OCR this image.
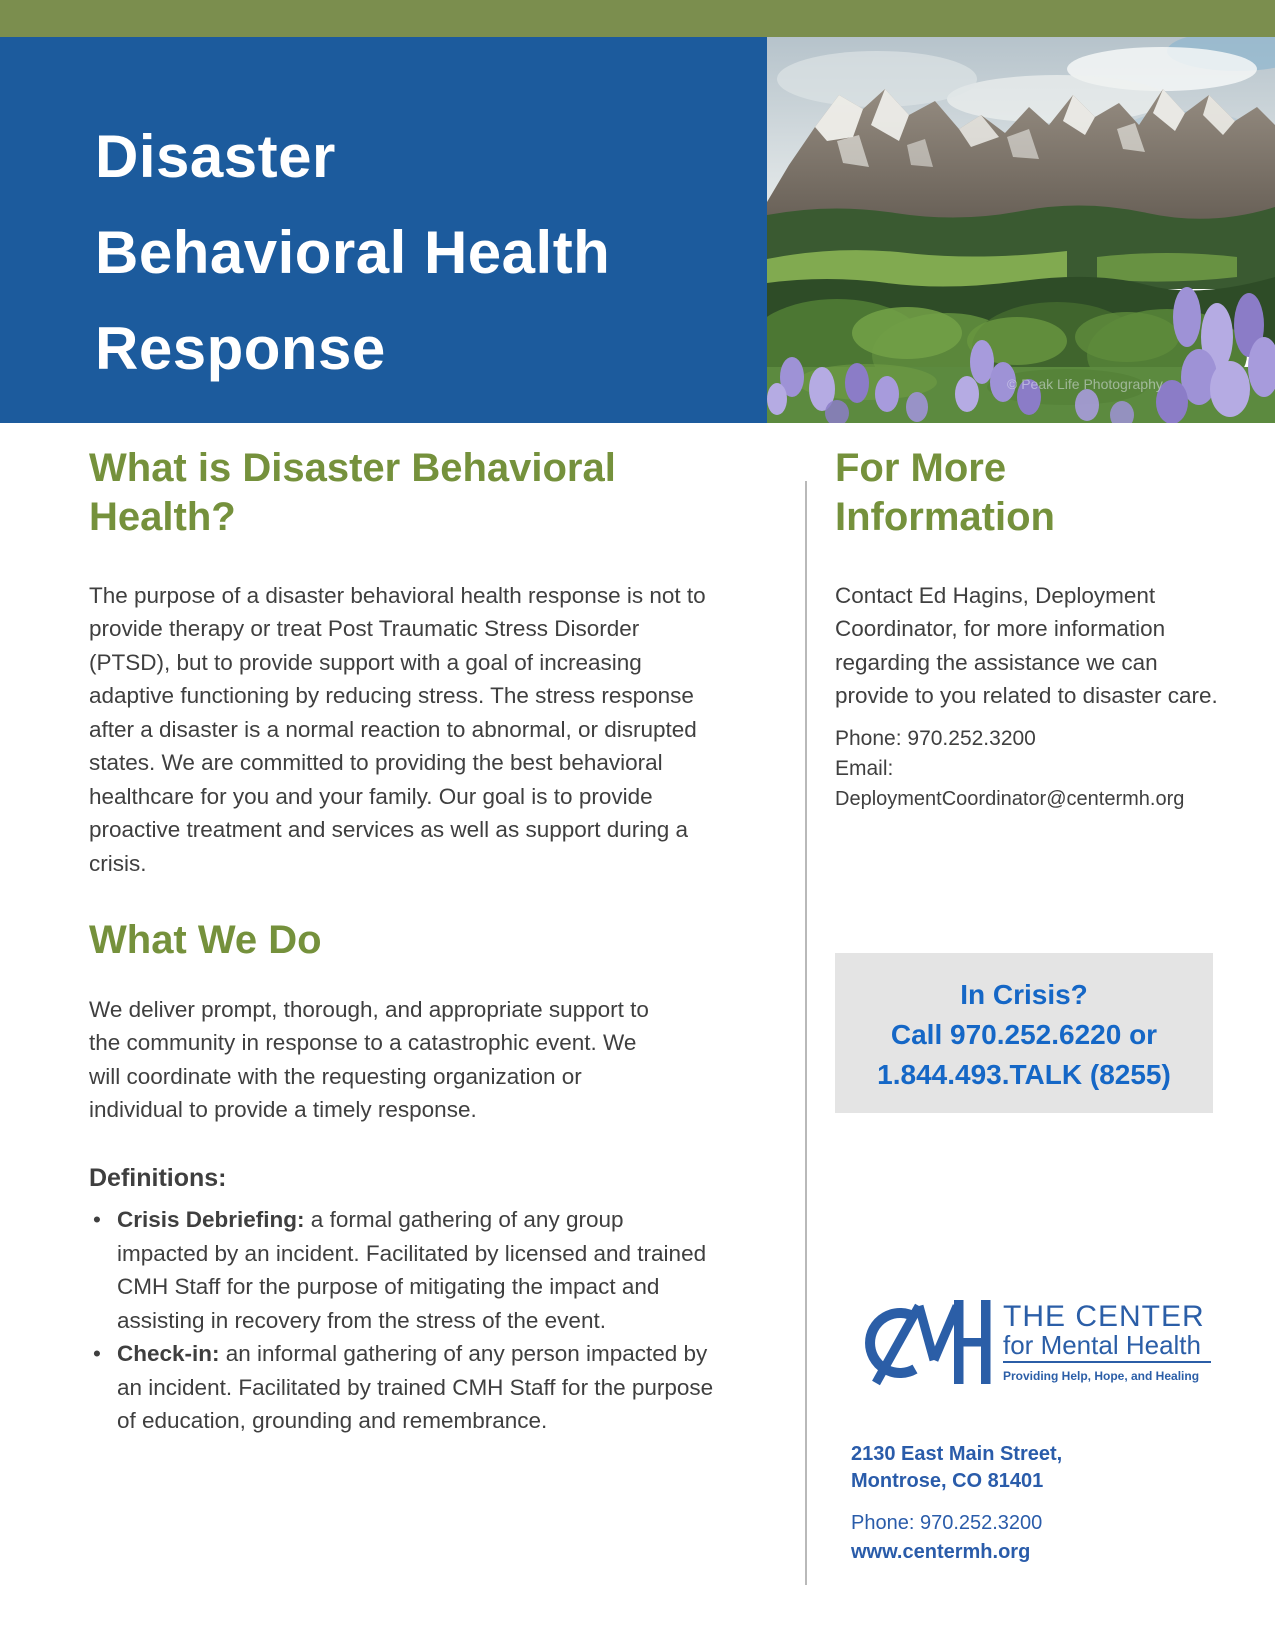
Disaster
Behavioral Health
Response
© Peak Life Photography
What is Disaster Behavioral Health?

The purpose of a disaster behavioral health response is not to provide therapy or treat Post Traumatic Stress Disorder (PTSD), but to provide support with a goal of increasing adaptive functioning by reducing stress. The stress response after a disaster is a normal reaction to abnormal, or disrupted states. We are committed to providing the best behavioral healthcare for you and your family. Our goal is to provide proactive treatment and services as well as support during a crisis.

What We Do

We deliver prompt, thorough, and appropriate support to the community in response to a catastrophic event. We will coordinate with the requesting organization or individual to provide a timely response.

Definitions:
• Crisis Debriefing: a formal gathering of any group impacted by an incident. Facilitated by licensed and trained CMH Staff for the purpose of mitigating the impact and assisting in recovery from the stress of the event.
• Check-in: an informal gathering of any person impacted by an incident. Facilitated by trained CMH Staff for the purpose of education, grounding and remembrance.
For More Information

Contact Ed Hagins, Deployment Coordinator, for more information regarding the assistance we can provide to you related to disaster care.

Phone: 970.252.3200
Email:
DeploymentCoordinator@centermh.org
In Crisis?
Call 970.252.6220 or
1.844.493.TALK (8255)
THE CENTER
for Mental Health
Providing Help, Hope, and Healing
2130 East Main Street,
Montrose, CO 81401
Phone: 970.252.3200
www.centermh.org
